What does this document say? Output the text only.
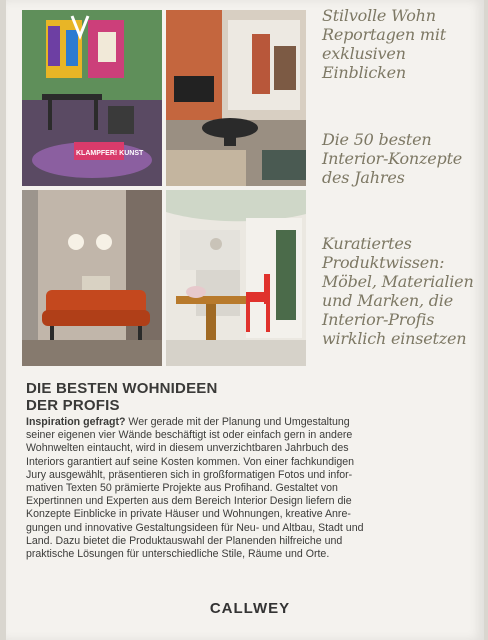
KLAMPFER! KUNST
Stilvolle Wohn Reportagen mit exklusiven Einblicken
Die 50 besten Interior-Konzepte des Jahres
Kuratiertes Produktwissen: Möbel, Materialien und Marken, die Interior-Profis wirklich einsetzen
DIE BESTEN WOHNIDEEN
DER PROFIS
Inspiration gefragt? Wer gerade mit der Planung und Umgestaltung
seiner eigenen vier Wände beschäftigt ist oder einfach gern in andere
Wohnwelten eintaucht, wird in diesem unverzichtbaren Jahrbuch des
Interiors garantiert auf seine Kosten kommen. Von einer fachkundigen
Jury ausgewählt, präsentieren sich in großformatigen Fotos und infor-
mativen Texten 50 prämierte Projekte aus Profihand. Gestaltet von
Expertinnen und Experten aus dem Bereich Interior Design liefern die
Konzepte Einblicke in private Häuser und Wohnungen, kreative Anre-
gungen und innovative Gestaltungsideen für Neu- und Altbau, Stadt und
Land. Dazu bietet die Produktauswahl der Planenden hilfreiche und
praktische Lösungen für unterschiedliche Stile, Räume und Orte.
CALLWEY
